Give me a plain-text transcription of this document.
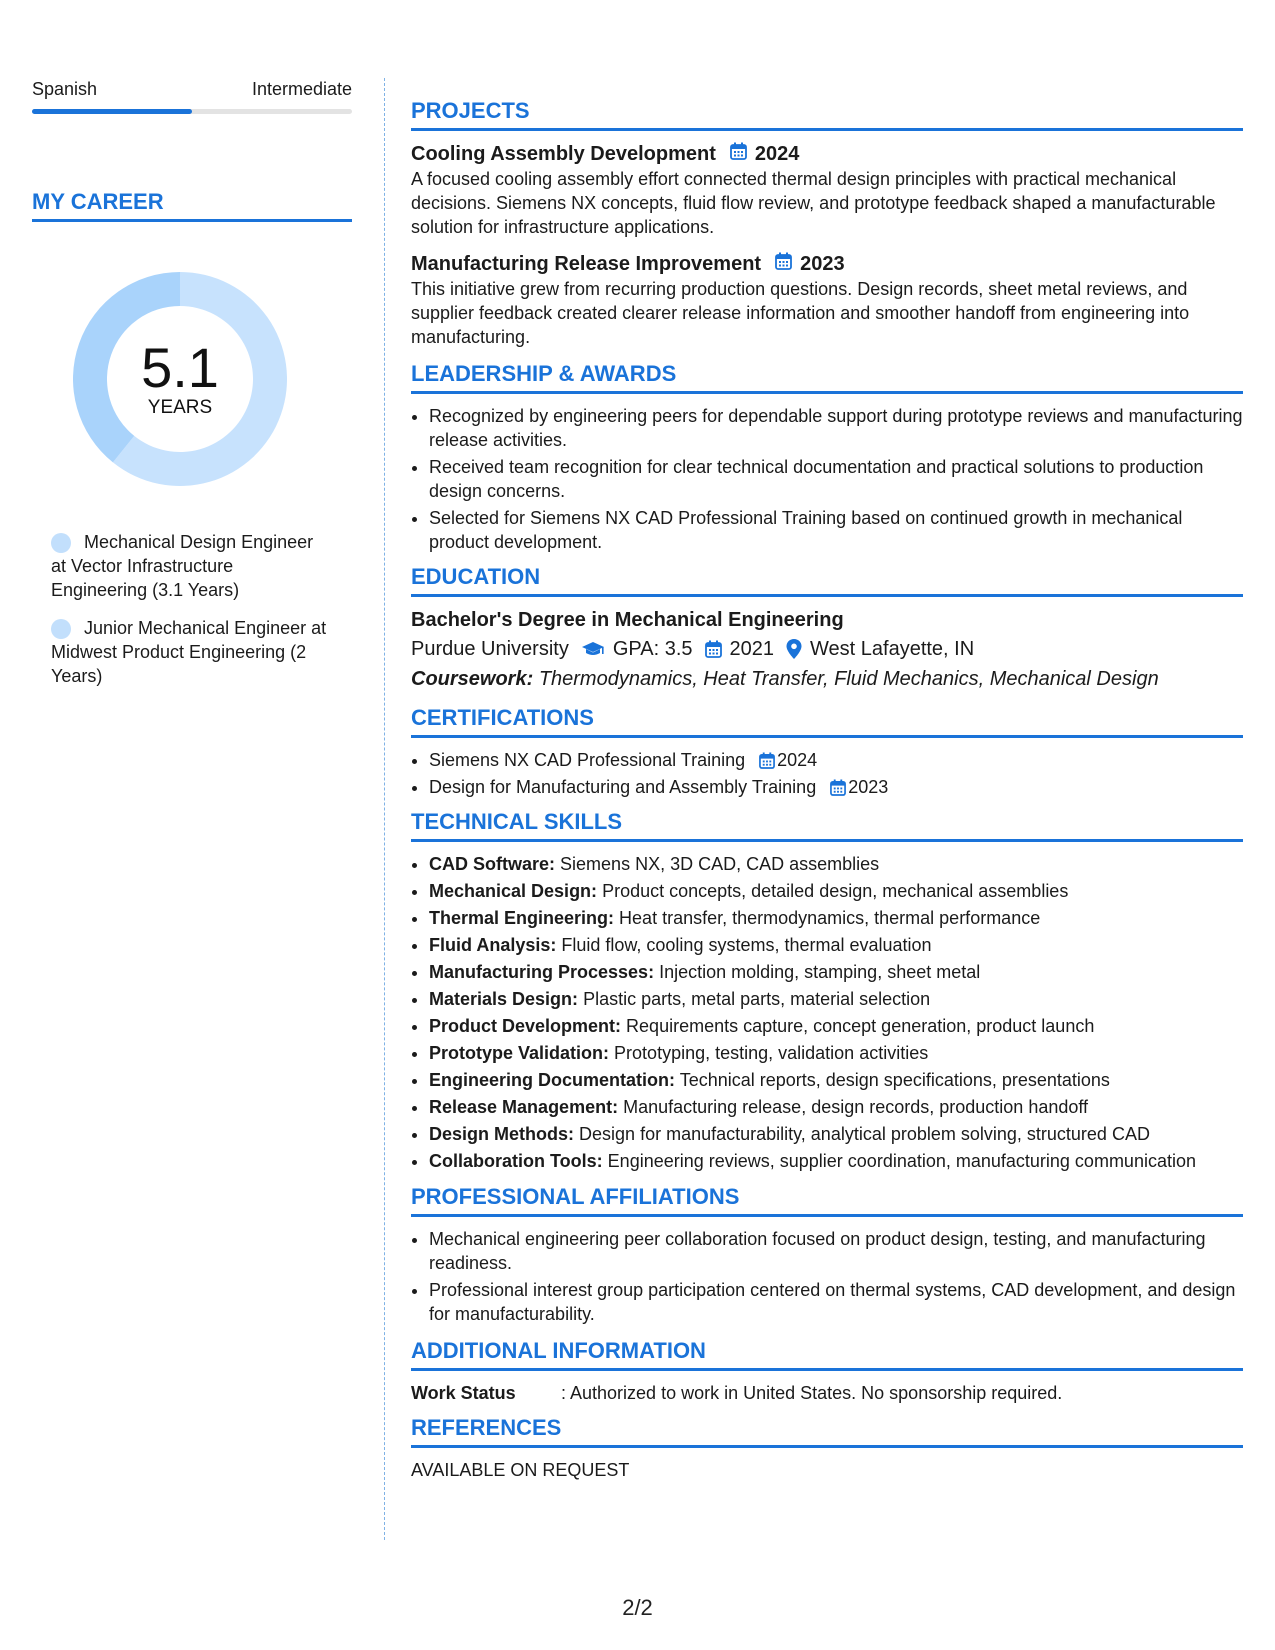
Spanish	Intermediate
MY CAREER
5.1
YEARS
Mechanical Design Engineer at Vector Infrastructure Engineering (3.1 Years)
Junior Mechanical Engineer at Midwest Product Engineering (2 Years)
PROJECTS
Cooling Assembly Development 2024
A focused cooling assembly effort connected thermal design principles with practical mechanical decisions. Siemens NX concepts, fluid flow review, and prototype feedback shaped a manufacturable solution for infrastructure applications.
Manufacturing Release Improvement 2023
This initiative grew from recurring production questions. Design records, sheet metal reviews, and supplier feedback created clearer release information and smoother handoff from engineering into manufacturing.
LEADERSHIP & AWARDS
• Recognized by engineering peers for dependable support during prototype reviews and manufacturing release activities.
• Received team recognition for clear technical documentation and practical solutions to production design concerns.
• Selected for Siemens NX CAD Professional Training based on continued growth in mechanical product development.
EDUCATION
Bachelor's Degree in Mechanical Engineering
Purdue University GPA: 3.5 2021 West Lafayette, IN
Coursework: Thermodynamics, Heat Transfer, Fluid Mechanics, Mechanical Design
CERTIFICATIONS
• Siemens NX CAD Professional Training 2024
• Design for Manufacturing and Assembly Training 2023
TECHNICAL SKILLS
• CAD Software: Siemens NX, 3D CAD, CAD assemblies
• Mechanical Design: Product concepts, detailed design, mechanical assemblies
• Thermal Engineering: Heat transfer, thermodynamics, thermal performance
• Fluid Analysis: Fluid flow, cooling systems, thermal evaluation
• Manufacturing Processes: Injection molding, stamping, sheet metal
• Materials Design: Plastic parts, metal parts, material selection
• Product Development: Requirements capture, concept generation, product launch
• Prototype Validation: Prototyping, testing, validation activities
• Engineering Documentation: Technical reports, design specifications, presentations
• Release Management: Manufacturing release, design records, production handoff
• Design Methods: Design for manufacturability, analytical problem solving, structured CAD
• Collaboration Tools: Engineering reviews, supplier coordination, manufacturing communication
PROFESSIONAL AFFILIATIONS
• Mechanical engineering peer collaboration focused on product design, testing, and manufacturing readiness.
• Professional interest group participation centered on thermal systems, CAD development, and design for manufacturability.
ADDITIONAL INFORMATION
Work Status	: Authorized to work in United States. No sponsorship required.
REFERENCES
AVAILABLE ON REQUEST
2/2
